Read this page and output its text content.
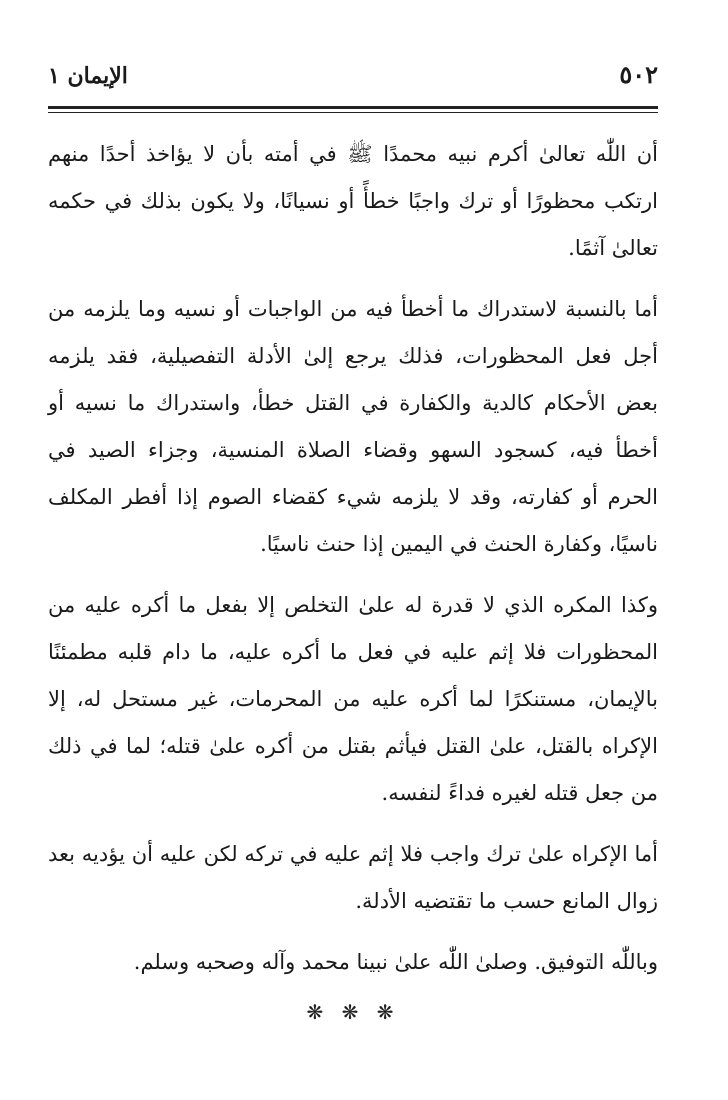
٥٠٢
الإيمان ١

أن اللّٰه تعالىٰ أكرم نبيه محمدًا ﷺ في أمته بأن لا يؤاخذ أحدًا منهم ارتكب محظورًا أو ترك واجبًا خطأً أو نسيانًا، ولا يكون بذلك في حكمه تعالىٰ آثمًا.

أما بالنسبة لاستدراك ما أخطأ فيه من الواجبات أو نسيه وما يلزمه من أجل فعل المحظورات، فذلك يرجع إلىٰ الأدلة التفصيلية، فقد يلزمه بعض الأحكام كالدية والكفارة في القتل خطأ، واستدراك ما نسيه أو أخطأ فيه، كسجود السهو وقضاء الصلاة المنسية، وجزاء الصيد في الحرم أو كفارته، وقد لا يلزمه شيء كقضاء الصوم إذا أفطر المكلف ناسيًا، وكفارة الحنث في اليمين إذا حنث ناسيًا.

وكذا المكره الذي لا قدرة له علىٰ التخلص إلا بفعل ما أكره عليه من المحظورات فلا إثم عليه في فعل ما أكره عليه، ما دام قلبه مطمئنًا بالإيمان، مستنكرًا لما أكره عليه من المحرمات، غير مستحل له، إلا الإكراه بالقتل، علىٰ القتل فيأثم بقتل من أكره علىٰ قتله؛ لما في ذلك من جعل قتله لغيره فداءً لنفسه.

أما الإكراه علىٰ ترك واجب فلا إثم عليه في تركه لكن عليه أن يؤديه بعد زوال المانع حسب ما تقتضيه الأدلة.

وباللّٰه التوفيق. وصلىٰ اللّٰه علىٰ نبينا محمد وآله وصحبه وسلم.

❋ ❋ ❋
